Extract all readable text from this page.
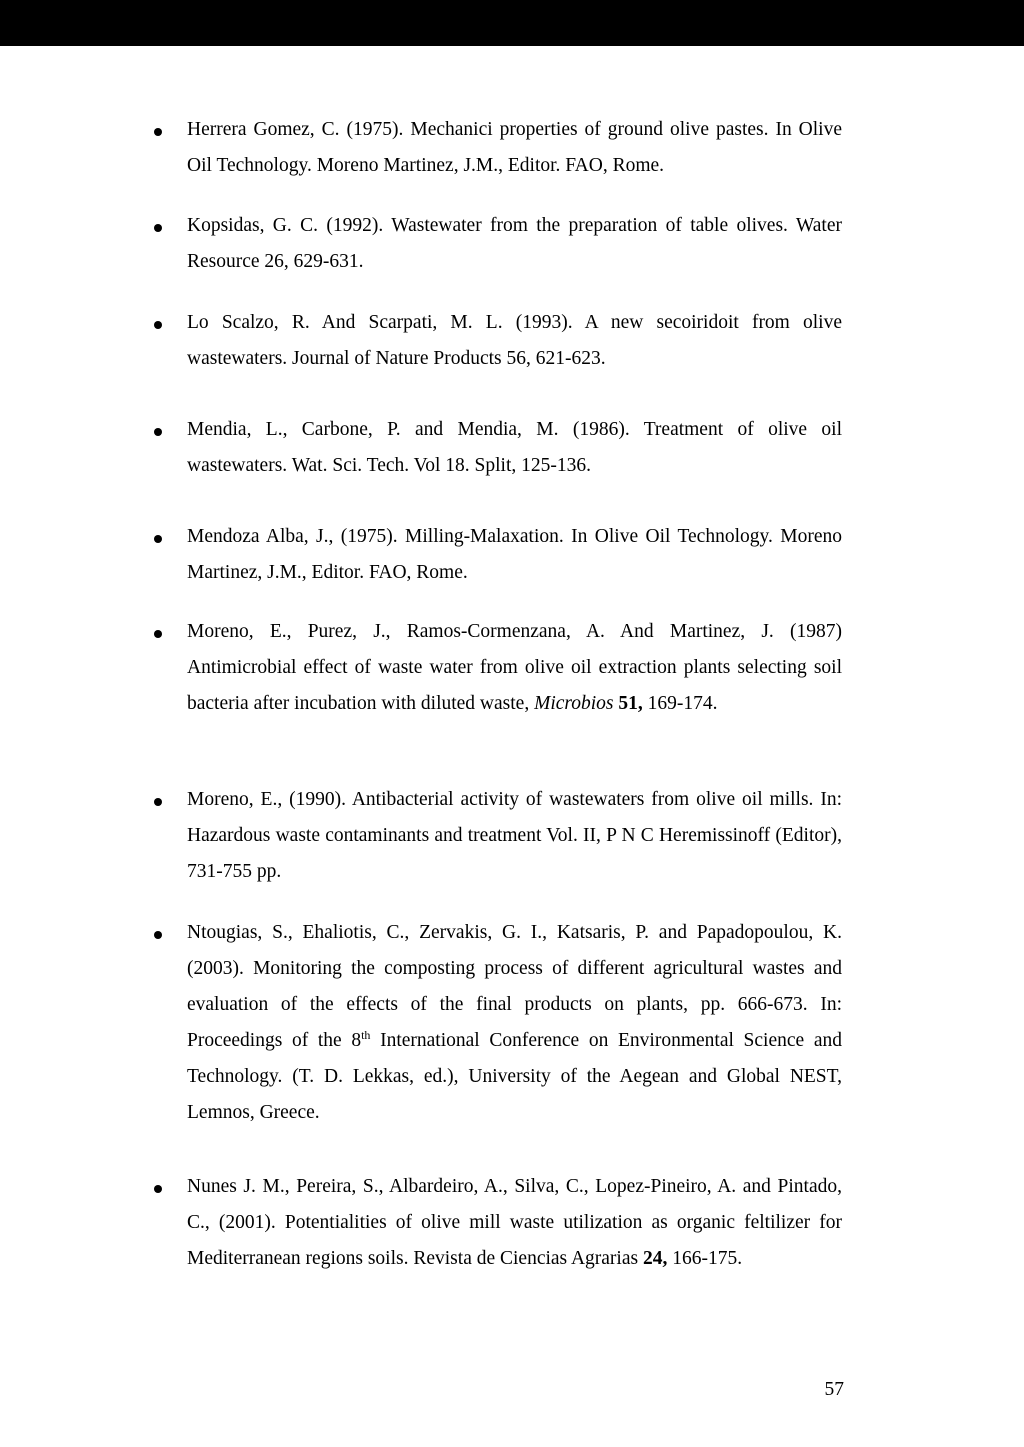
Herrera Gomez, C. (1975). Mechanici properties of ground olive pastes. In Olive Oil Technology. Moreno Martinez, J.M., Editor. FAO, Rome.
Kopsidas, G. C. (1992). Wastewater from the preparation of table olives. Water Resource 26, 629-631.
Lo Scalzo, R. And Scarpati, M. L. (1993). A new secoiridoit from olive wastewaters. Journal of Nature Products 56, 621-623.
Mendia, L., Carbone, P. and Mendia, M. (1986). Treatment of olive oil wastewaters. Wat. Sci. Tech. Vol 18. Split, 125-136.
Mendoza Alba, J., (1975). Milling-Malaxation. In Olive Oil Technology. Moreno Martinez, J.M., Editor. FAO, Rome.
Moreno, E., Purez, J., Ramos-Cormenzana, A. And Martinez, J. (1987) Antimicrobial effect of waste water from olive oil extraction plants selecting soil bacteria after incubation with diluted waste, Microbios 51, 169-174.
Moreno, E., (1990). Antibacterial activity of wastewaters from olive oil mills. In: Hazardous waste contaminants and treatment Vol. II, P N C Heremissinoff (Editor), 731-755 pp.
Ntougias, S., Ehaliotis, C., Zervakis, G. I., Katsaris, P. and Papadopoulou, K. (2003). Monitoring the composting process of different agricultural wastes and evaluation of the effects of the final products on plants, pp. 666-673. In: Proceedings of the 8th International Conference on Environmental Science and Technology. (T. D. Lekkas, ed.), University of the Aegean and Global NEST, Lemnos, Greece.
Nunes J. M., Pereira, S., Albardeiro, A., Silva, C., Lopez-Pineiro, A. and Pintado, C., (2001). Potentialities of olive mill waste utilization as organic feltilizer for Mediterranean regions soils. Revista de Ciencias Agrarias 24, 166-175.
57
